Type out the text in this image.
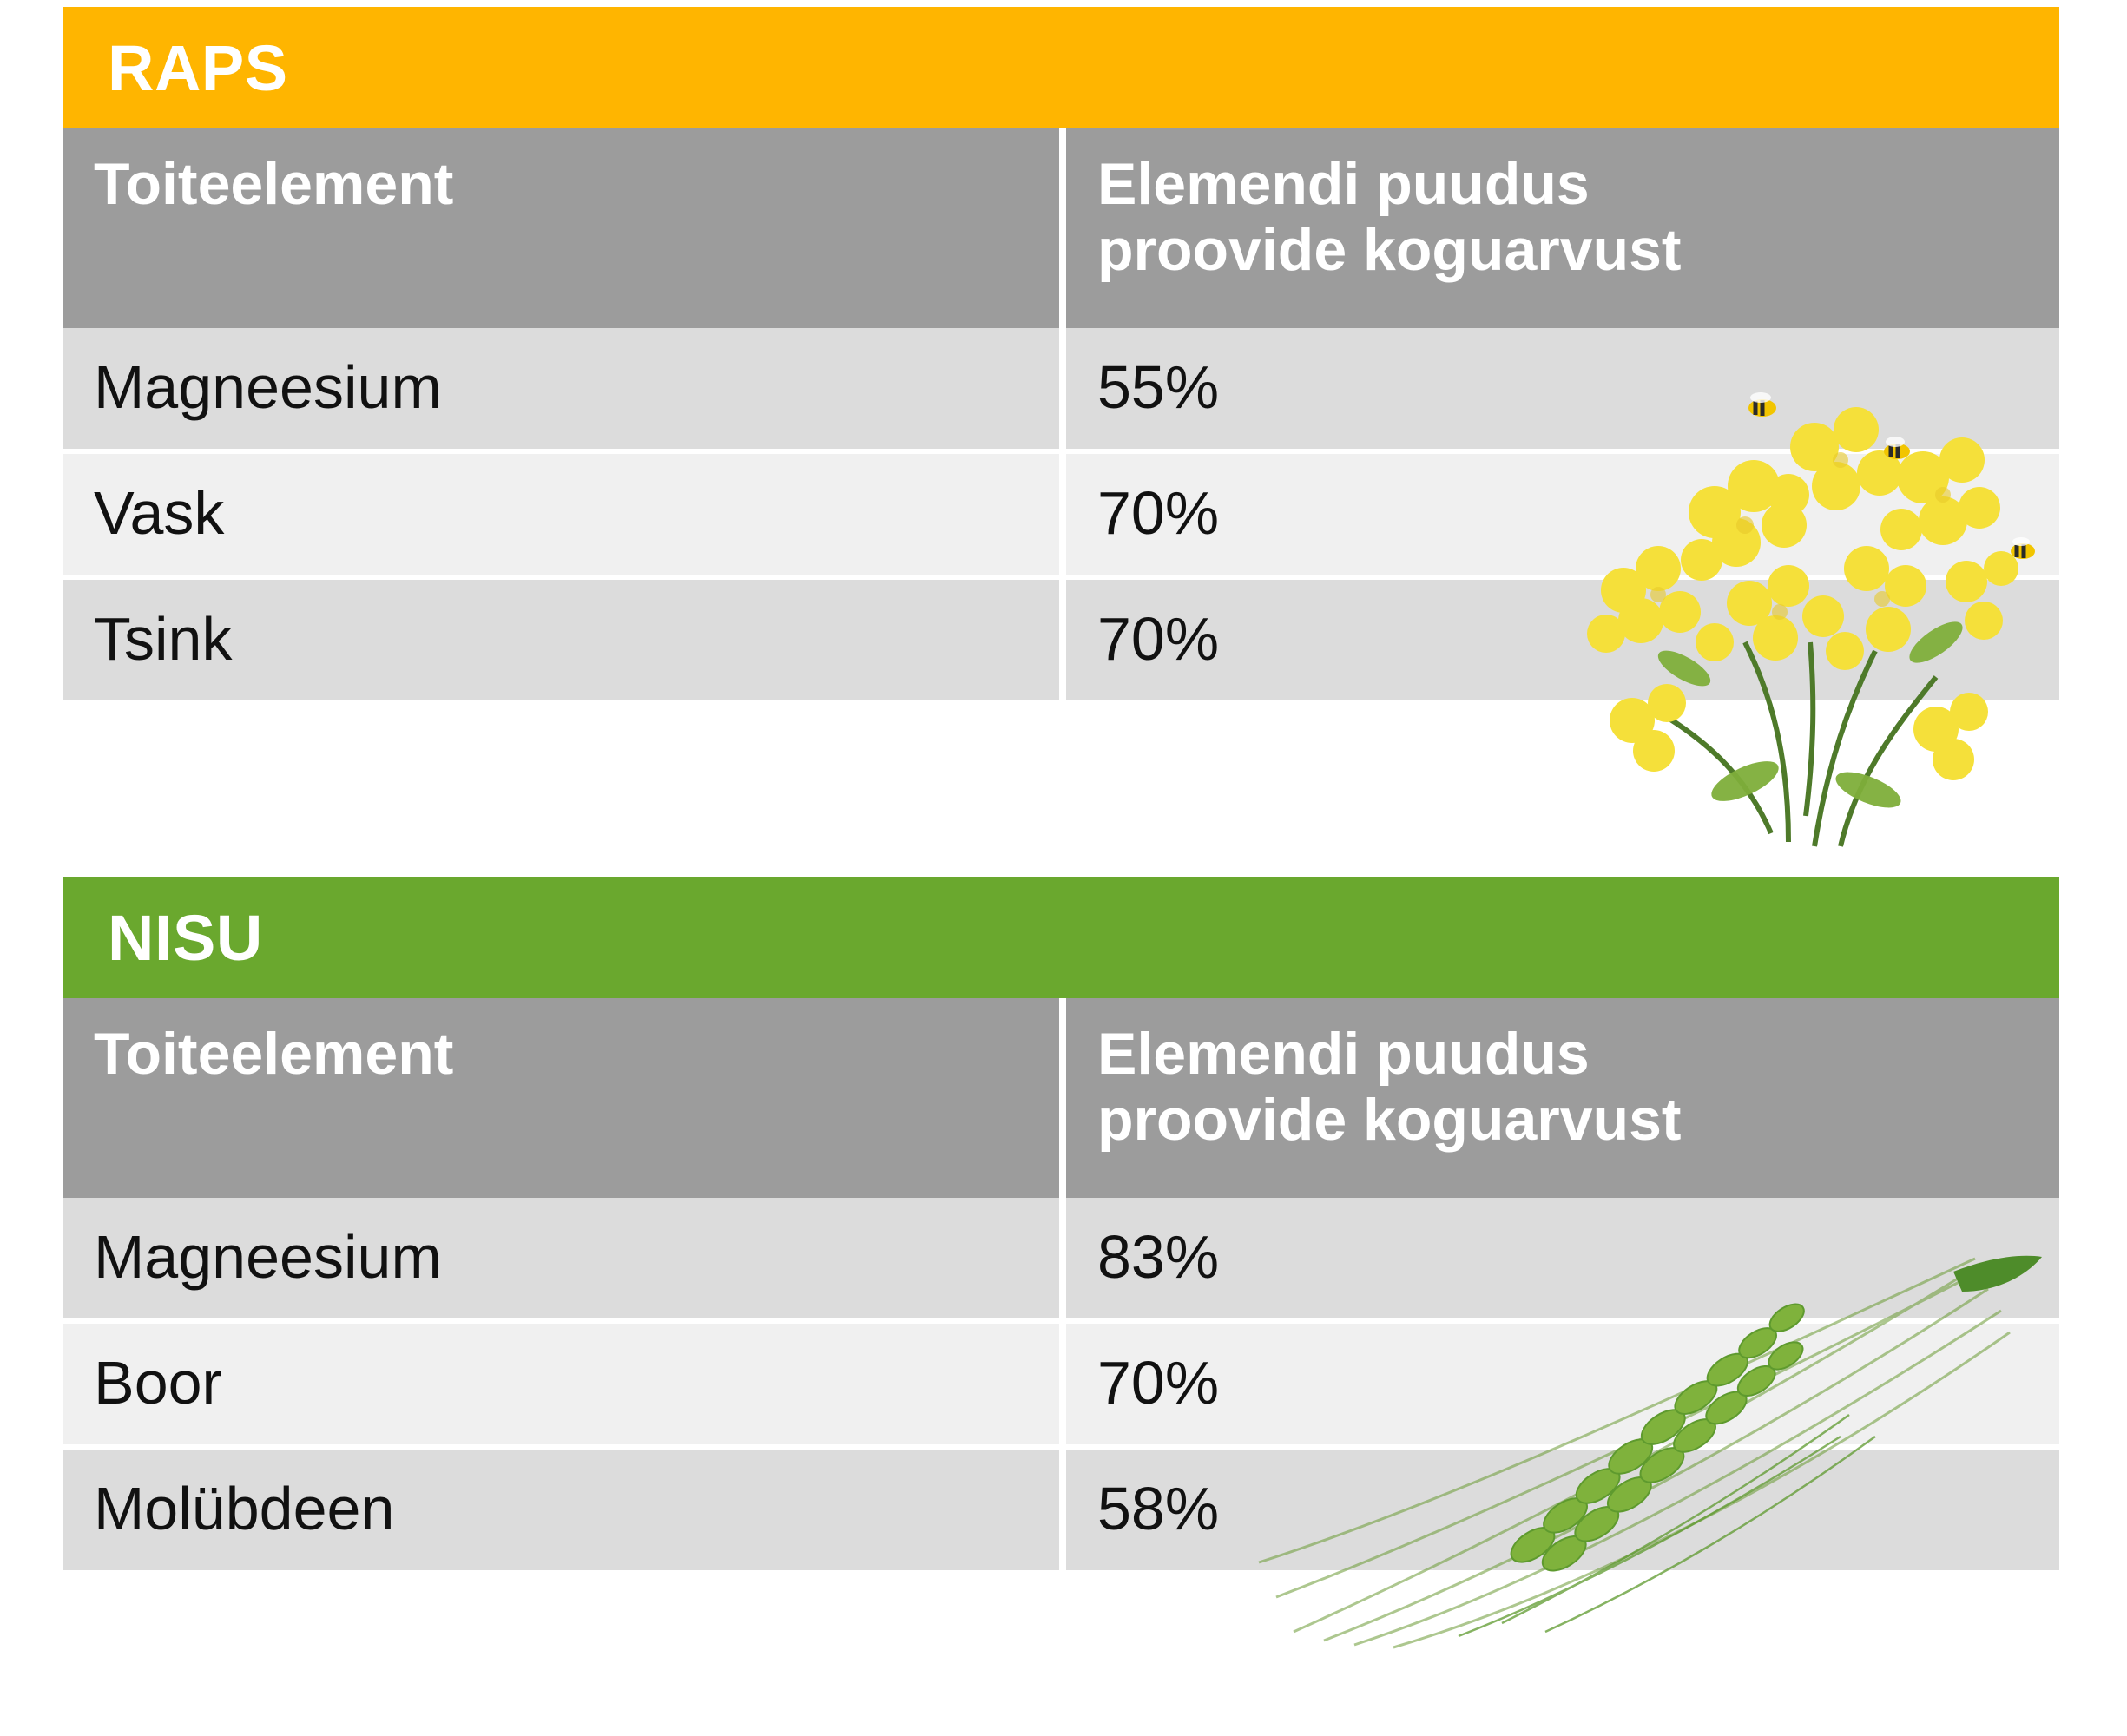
RAPS
Toiteelement	Elemendi puudus
proovide koguarvust
Magneesium	55%
Vask	70%
Tsink	70%
NISU
Toiteelement	Elemendi puudus
proovide koguarvust
Magneesium	83%
Boor	70%
Molübdeen	58%
